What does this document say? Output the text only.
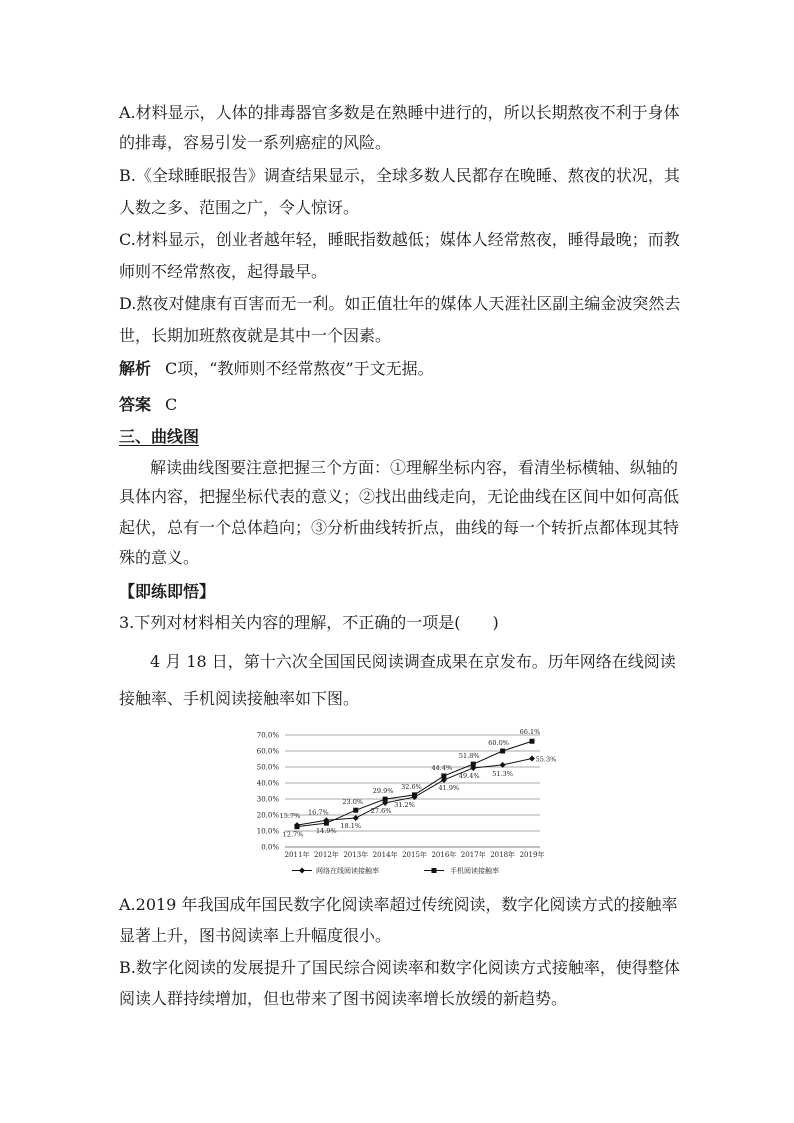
A.材料显示，人体的排毒器官多数是在熟睡中进行的，所以长期熬夜不利于身体
的排毒，容易引发一系列癌症的风险。
B.《全球睡眠报告》调查结果显示，全球多数人民都存在晚睡、熬夜的状况，其
人数之多、范围之广，令人惊讶。
C.材料显示，创业者越年轻，睡眠指数越低；媒体人经常熬夜，睡得最晚；而教
师则不经常熬夜，起得最早。
D.熬夜对健康有百害而无一利。如正值壮年的媒体人天涯社区副主编金波突然去
世，长期加班熬夜就是其中一个因素。
解析 C项，“教师则不经常熬夜”于文无据。
答案 C
三、曲线图
解读曲线图要注意把握三个方面：①理解坐标内容，看清坐标横轴、纵轴的
具体内容，把握坐标代表的意义；②找出曲线走向，无论曲线在区间中如何高低
起伏，总有一个总体趋向；③分析曲线转折点，曲线的每一个转折点都体现其特
殊的意义。
【即练即悟】
3.下列对材料相关内容的理解，不正确的一项是(　　)
4 月 18 日，第十六次全国国民阅读调查成果在京发布。历年网络在线阅读
接触率、手机阅读接触率如下图。
0.0%
10.0%
20.0%
30.0%
40.0%
50.0%
60.0%
70.0%
2011年 2012年 2013年 2014年 2015年 2016年 2017年 2018年 2019年
15.7% 16.7%
18.1%
27.6%
31.2%
41.9%
49.4% 51.3%
55.3%
12.7% 14.9%
23.0%
29.9%
32.6%
44.4%
51.8%
60.0%
66.1%
网络在线阅读接触率	手机阅读接触率
A.2019 年我国成年国民数字化阅读率超过传统阅读，数字化阅读方式的接触率
显著上升，图书阅读率上升幅度很小。
B.数字化阅读的发展提升了国民综合阅读率和数字化阅读方式接触率，使得整体
阅读人群持续增加，但也带来了图书阅读率增长放缓的新趋势。
